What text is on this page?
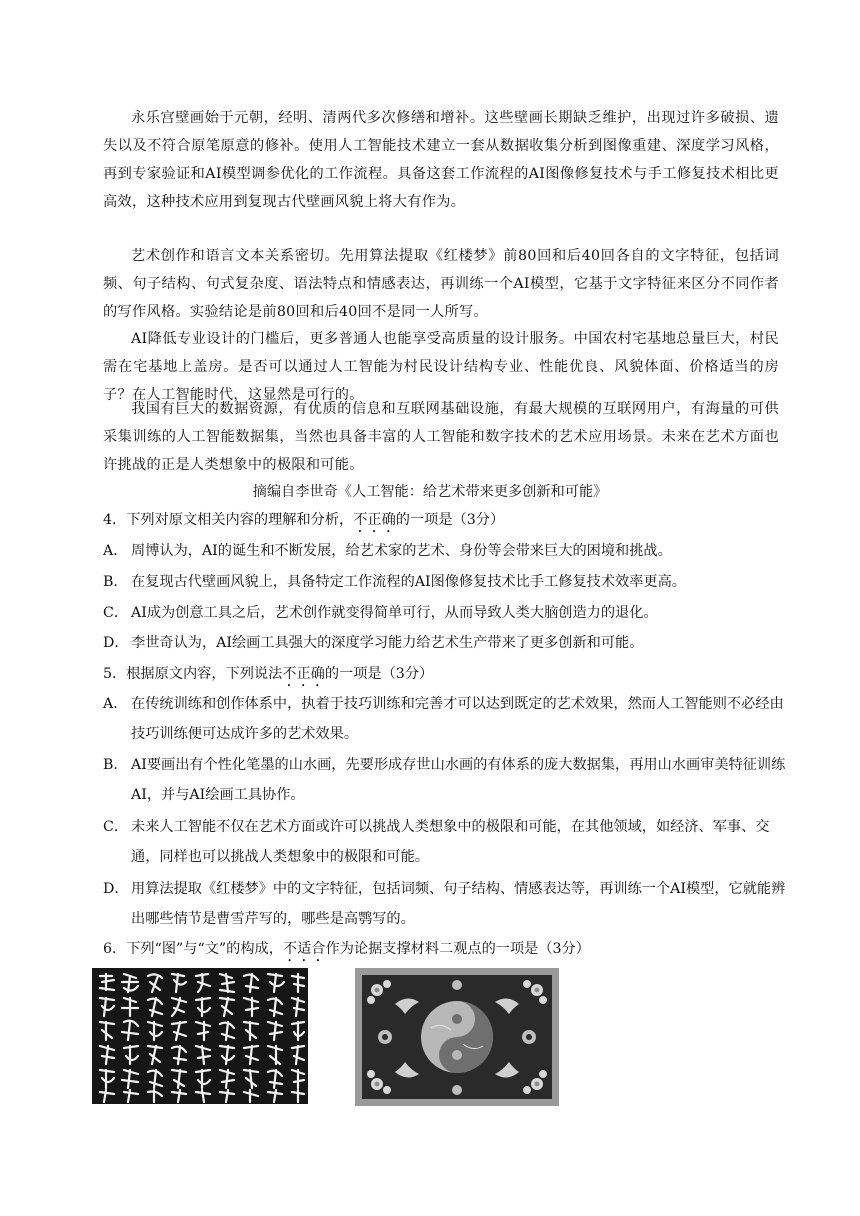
永乐宫壁画始于元朝，经明、清两代多次修缮和增补。这些壁画长期缺乏维护，出现过许多破损、遗失以及不符合原笔原意的修补。使用人工智能技术建立一套从数据收集分析到图像重建、深度学习风格，再到专家验证和AI模型调参优化的工作流程。具备这套工作流程的AI图像修复技术与手工修复技术相比更高效，这种技术应用到复现古代壁画风貌上将大有作为。
艺术创作和语言文本关系密切。先用算法提取《红楼梦》前80回和后40回各自的文字特征，包括词频、句子结构、句式复杂度、语法特点和情感表达，再训练一个AI模型，它基于文字特征来区分不同作者的写作风格。实验结论是前80回和后40回不是同一人所写。
AI降低专业设计的门槛后，更多普通人也能享受高质量的设计服务。中国农村宅基地总量巨大，村民需在宅基地上盖房。是否可以通过人工智能为村民设计结构专业、性能优良、风貌体面、价格适当的房子？在人工智能时代，这显然是可行的。
我国有巨大的数据资源，有优质的信息和互联网基础设施，有最大规模的互联网用户，有海量的可供采集训练的人工智能数据集，当然也具备丰富的人工智能和数字技术的艺术应用场景。未来在艺术方面也许挑战的正是人类想象中的极限和可能。
摘编自李世奇《人工智能：给艺术带来更多创新和可能》
4．下列对原文相关内容的理解和分析，不正确的一项是（3分）
A． 周博认为，AI的诞生和不断发展，给艺术家的艺术、身份等会带来巨大的困境和挑战。
B． 在复现古代壁画风貌上，具备特定工作流程的AI图像修复技术比手工修复技术效率更高。
C． AI成为创意工具之后，艺术创作就变得简单可行，从而导致人类大脑创造力的退化。
D． 李世奇认为，AI绘画工具强大的深度学习能力给艺术生产带来了更多创新和可能。
5．根据原文内容，下列说法不正确的一项是（3分）
A． 在传统训练和创作体系中，执着于技巧训练和完善才可以达到既定的艺术效果，然而人工智能则不必经由技巧训练便可达成许多的艺术效果。
B． AI要画出有个性化笔墨的山水画，先要形成存世山水画的有体系的庞大数据集，再用山水画审美特征训练AI，并与AI绘画工具协作。
C． 未来人工智能不仅在艺术方面或许可以挑战人类想象中的极限和可能，在其他领域，如经济、军事、交通，同样也可以挑战人类想象中的极限和可能。
D． 用算法提取《红楼梦》中的文字特征，包括词频、句子结构、情感表达等，再训练一个AI模型，它就能辨出哪些情节是曹雪芹写的，哪些是高鹗写的。
6．下列“图”与“文”的构成，不适合作为论据支撑材料二观点的一项是（3分）
